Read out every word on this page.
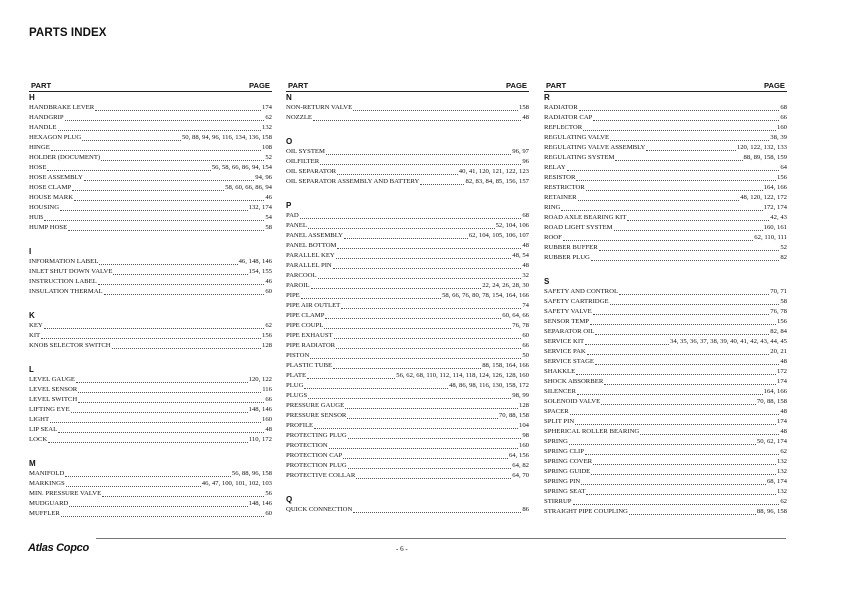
PARTS INDEX
PART	PAGE
H
HANDBRAKE LEVER	174
HANDGRIP	62
HANDLE	132
HEXAGON PLUG	50, 88, 94, 96, 116, 134, 136, 158
HINGE	108
HOLDER (DOCUMENT)	52
HOSE	56, 58, 66, 86, 94, 154
HOSE ASSEMBLY	94, 96
HOSE CLAMP	58, 60, 66, 86, 94
HOUSE MARK	46
HOUSING	132, 174
HUB	54
HUMP HOSE	58
I
INFORMATION LABEL	46, 148, 146
INLET SHUT DOWN VALVE	154, 155
INSTRUCTION LABEL	46
INSULATION THERMAL	60
K
KEY	62
KIT	156
KNOB SELECTOR SWITCH	128
L
LEVEL GAUGE	120, 122
LEVEL SENSOR	116
LEVEL SWITCH	66
LIFTING EYE	148, 146
LIGHT	160
LIP SEAL	48
LOCK	110, 172
M
MANIFOLD	56, 88, 96, 158
MARKINGS	46, 47, 100, 101, 102, 103
MIN. PRESSURE VALVE	56
MUDGUARD	148, 146
MUFFLER	60
PART	PAGE
N
NON-RETURN VALVE	158
NOZZLE	48
O
OIL SYSTEM	96, 97
OILFILTER	96
OIL SEPARATOR	40, 41, 120, 121, 122, 123
OIL SEPARATOR ASSEMBLY AND BATTERY	82, 83, 84, 85, 156, 157
P
PAD	68
PANEL	52, 104, 106
PANEL ASSEMBLY	62, 104, 105, 106, 107
PANEL BOTTOM	48
PARALLEL KEY	48, 54
PARALLEL PIN	48
PARCOOL	32
PAROIL	22, 24, 26, 28, 30
PIPE	58, 66, 76, 80, 78, 154, 164, 166
PIPE AIR OUTLET	74
PIPE CLAMP	60, 64, 66
PIPE COUPL	76, 78
PIPE EXHAUST	60
PIPE RADIATOR	66
PISTON	50
PLASTIC TUBE	88, 158, 164, 166
PLATE	56, 62, 68, 110, 112, 114, 118, 124, 126, 128, 160
PLUG	48, 86, 98, 116, 130, 158, 172
PLUGS	98, 99
PRESSURE GAUGE	128
PRESSURE SENSOR	70, 88, 158
PROFILE	104
PROTECTING PLUG	98
PROTECTION	160
PROTECTION CAP	64, 156
PROTECTION PLUG	64, 82
PROTECTIVE COLLAR	64, 70
Q
QUICK CONNECTION	86
PART	PAGE
R
RADIATOR	68
RADIATOR CAP	66
REFLECTOR	160
REGULATING VALVE	38, 39
REGULATING VALVE ASSEMBLY	120, 122, 132, 133
REGULATING SYSTEM	88, 89, 158, 159
RELAY	64
RESISTOR	156
RESTRICTOR	164, 166
RETAINER	48, 120, 122, 172
RING	172, 174
ROAD AXLE BEARING KIT	42, 43
ROAD LIGHT SYSTEM	160, 161
ROOF	62, 110, 111
RUBBER BUFFER	52
RUBBER PLUG	82
S
SAFETY AND CONTROL	70, 71
SAFETY CARTRIDGE	58
SAFETY VALVE	76, 78
SENSOR TEMP	156
SEPARATOR OIL	82, 84
SERVICE KIT	34, 35, 36, 37, 38, 39, 40, 41, 42, 43, 44, 45
SERVICE PAK	20, 21
SERVICE STAGE	48
SHAKKLE	172
SHOCK ABSORBER	174
SILENCER	164, 166
SOLENOID VALVE	70, 88, 158
SPACER	48
SPLIT PIN	174
SPHERICAL ROLLER BEARING	48
SPRING	50, 62, 174
SPRING CLIP	62
SPRING COVER	132
SPRING GUIDE	132
SPRING PIN	68, 174
SPRING SEAT	132
STIRRUP	62
STRAIGHT PIPE COUPLING	88, 96, 158
Atlas Copco	- 6 -
